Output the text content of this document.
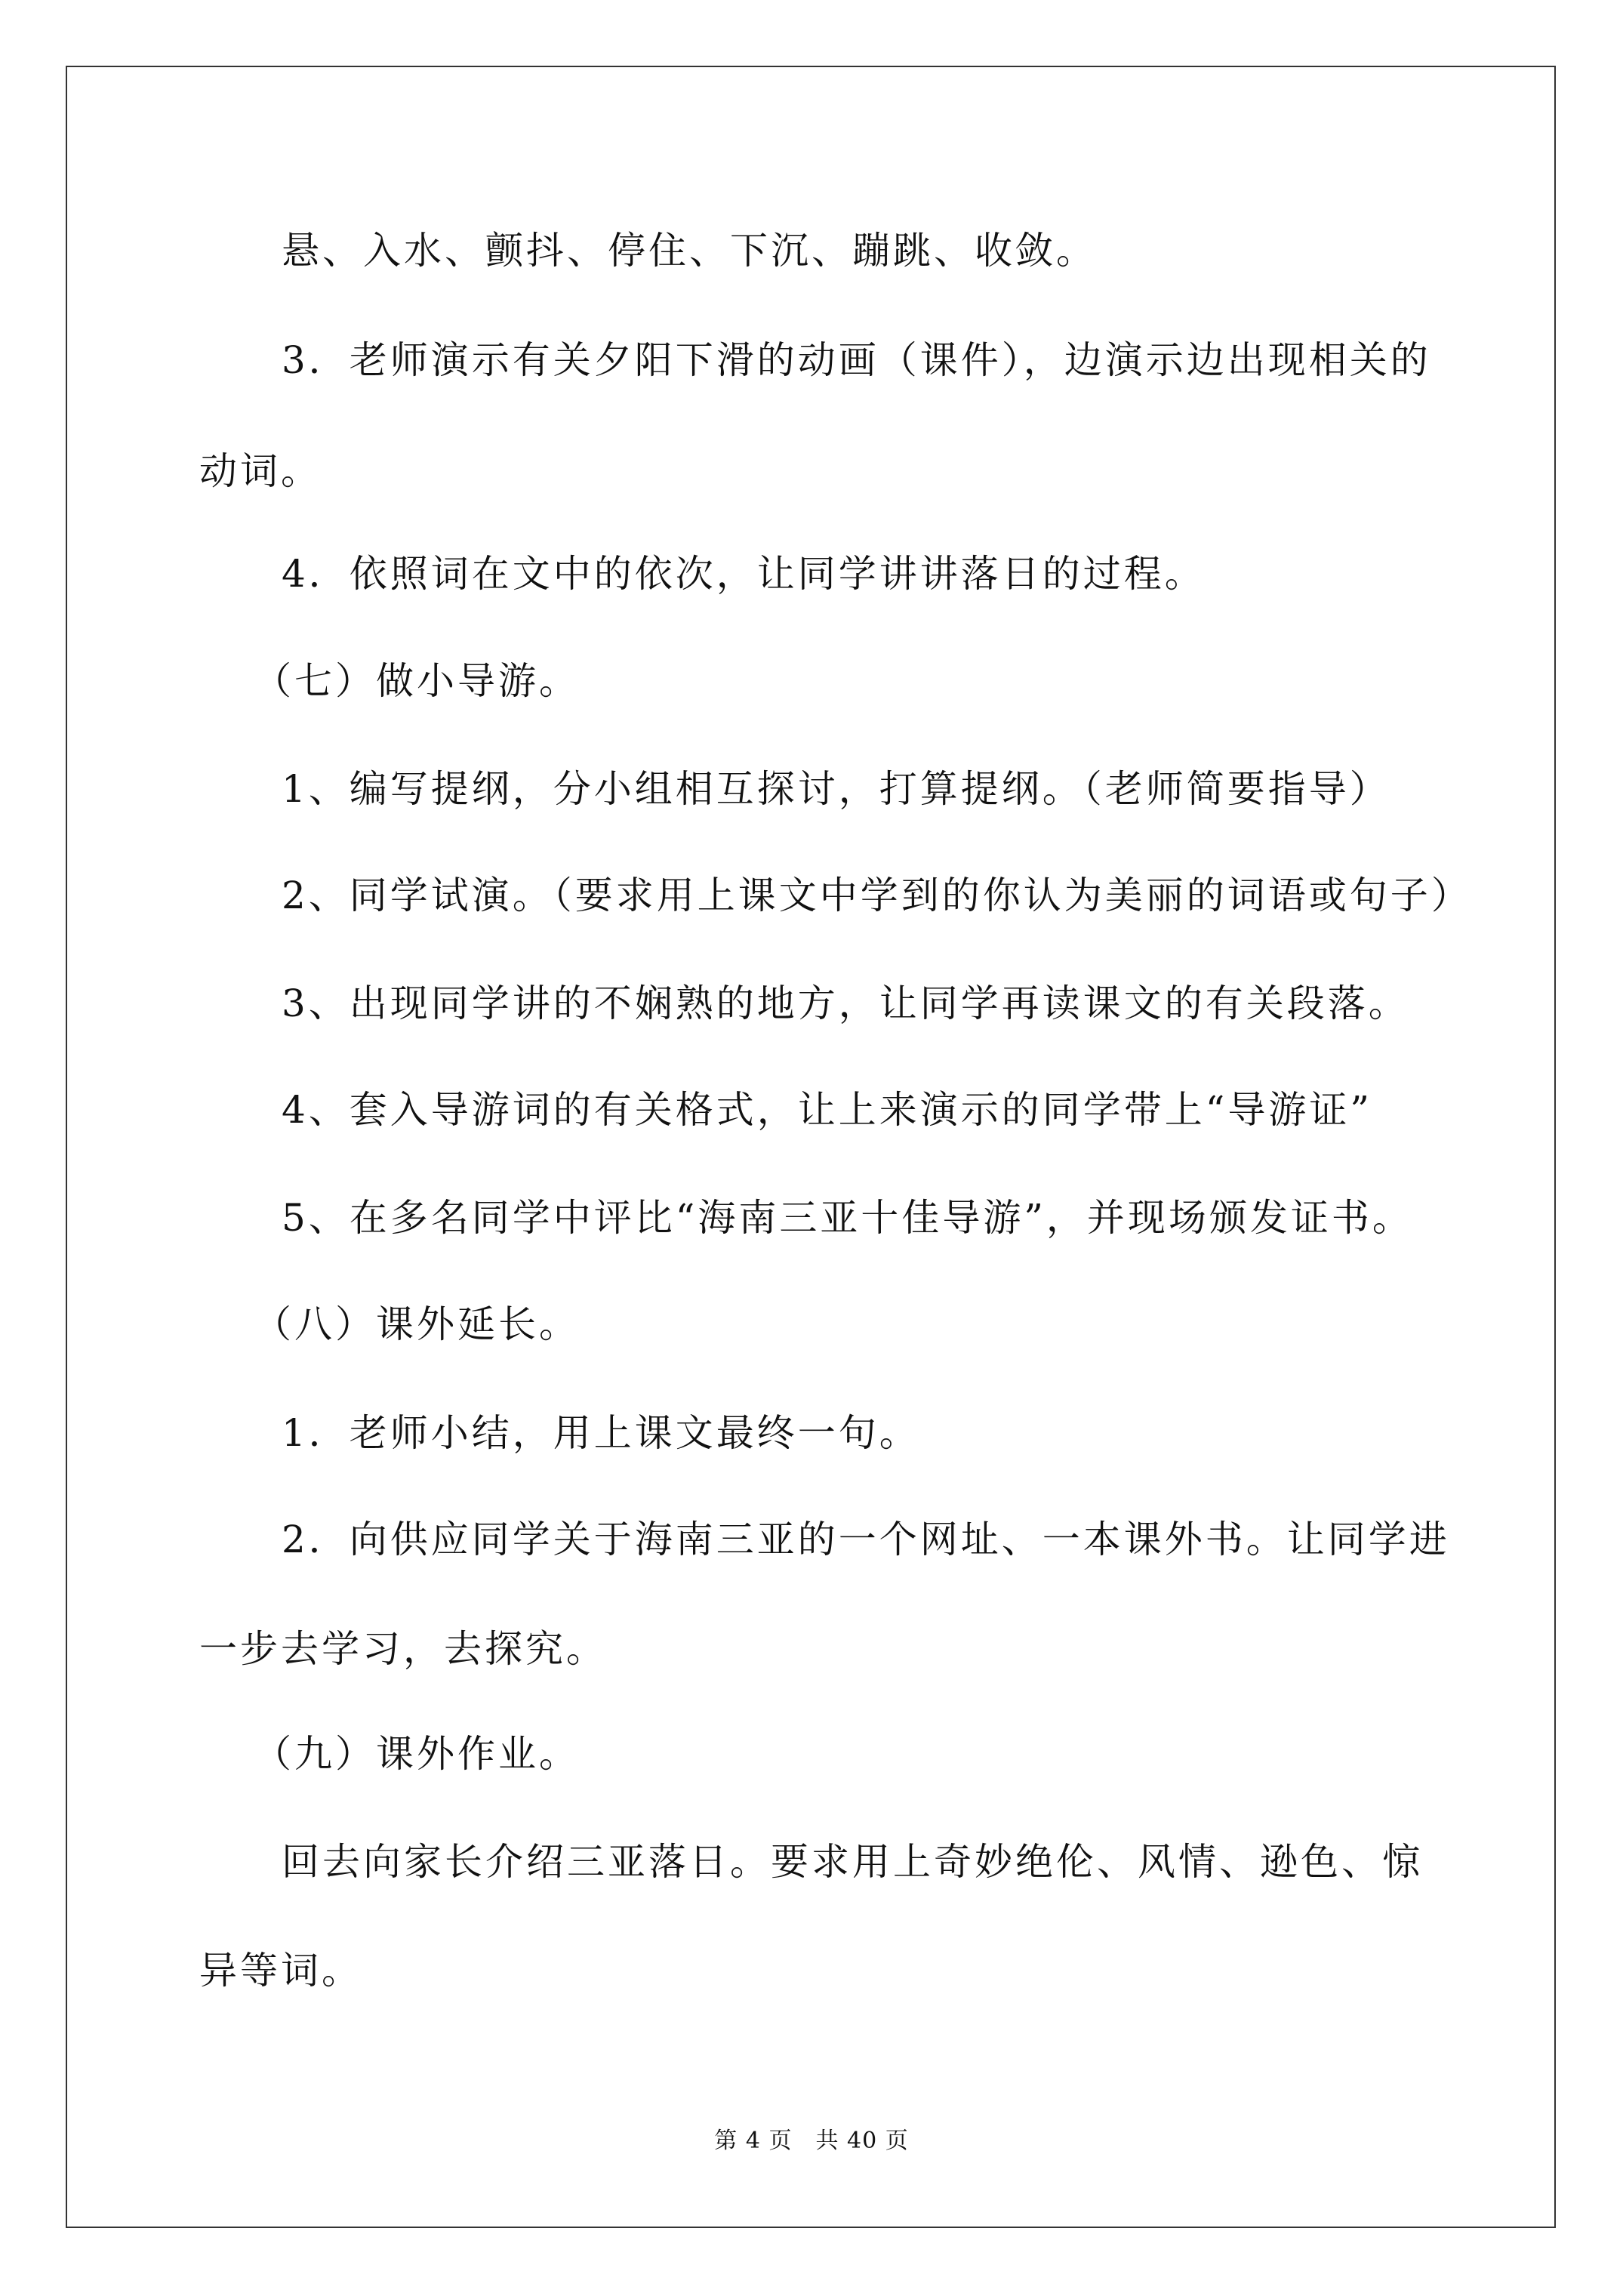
悬、入水、颤抖、停住、下沉、蹦跳、收敛。
3．老师演示有关夕阳下滑的动画（课件），边演示边出现相关的
动词。
4．依照词在文中的依次，让同学讲讲落日的过程。
（七）做小导游。
1、编写提纲，分小组相互探讨，打算提纲。（老师简要指导）
2、同学试演。（要求用上课文中学到的你认为美丽的词语或句子）
3、出现同学讲的不娴熟的地方，让同学再读课文的有关段落。
4、套入导游词的有关格式，让上来演示的同学带上“导游证”
5、在多名同学中评比“海南三亚十佳导游”，并现场颁发证书。
（八）课外延长。
1．老师小结，用上课文最终一句。
2．向供应同学关于海南三亚的一个网址、一本课外书。让同学进
一步去学习，去探究。
（九）课外作业。
回去向家长介绍三亚落日。要求用上奇妙绝伦、风情、逊色、惊
异等词。
第 4 页　共 40 页
